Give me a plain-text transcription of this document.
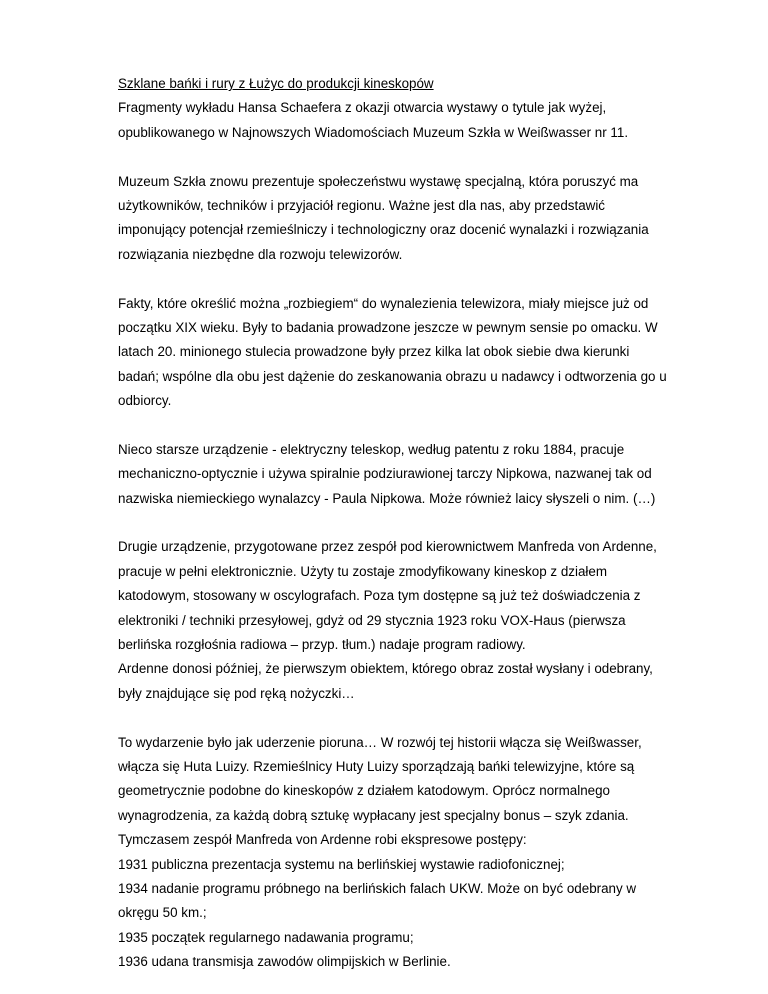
Szklane bańki i rury z Łużyc do produkcji kineskopów
Fragmenty wykładu Hansa Schaefera z okazji otwarcia wystawy o tytule jak wyżej,
opublikowanego w Najnowszych Wiadomościach Muzeum Szkła w Weißwasser nr 11.
Muzeum Szkła znowu prezentuje społeczeństwu wystawę specjalną, która poruszyć ma
użytkowników, techników i przyjaciół regionu. Ważne jest dla nas, aby przedstawić
imponujący potencjał rzemieślniczy i technologiczny oraz docenić wynalazki i rozwiązania
rozwiązania niezbędne dla rozwoju telewizorów.
Fakty, które określić można „rozbiegiem“ do wynalezienia telewizora, miały miejsce już od
początku XIX wieku. Były to badania prowadzone jeszcze w pewnym sensie po omacku. W
latach 20. minionego stulecia prowadzone były przez kilka lat obok siebie dwa kierunki
badań; wspólne dla obu jest dążenie do zeskanowania obrazu u nadawcy i odtworzenia go u
odbiorcy.
Nieco starsze urządzenie - elektryczny teleskop, według patentu z roku 1884, pracuje
mechaniczno-optycznie i używa spiralnie podziurawionej tarczy Nipkowa, nazwanej tak od
nazwiska niemieckiego wynalazcy - Paula Nipkowa. Może również laicy słyszeli o nim. (…)
Drugie urządzenie, przygotowane przez zespół pod kierownictwem Manfreda von Ardenne,
pracuje w pełni elektronicznie. Użyty tu zostaje zmodyfikowany kineskop z działem
katodowym, stosowany w oscylografach. Poza tym dostępne są już też doświadczenia z
elektroniki / techniki przesyłowej, gdyż od 29 stycznia 1923 roku VOX-Haus (pierwsza
berlińska rozgłośnia radiowa – przyp. tłum.) nadaje program radiowy.
Ardenne donosi później, że pierwszym obiektem, którego obraz został wysłany i odebrany,
były znajdujące się pod ręką nożyczki…
To wydarzenie było jak uderzenie pioruna… W rozwój tej historii włącza się Weißwasser,
włącza się Huta Luizy. Rzemieślnicy Huty Luizy sporządzają bańki telewizyjne, które są
geometrycznie podobne do kineskopów z działem katodowym. Oprócz normalnego
wynagrodzenia, za każdą dobrą sztukę wypłacany jest specjalny bonus – szyk zdania.
Tymczasem zespół Manfreda von Ardenne robi ekspresowe postępy:
1931 publiczna prezentacja systemu na berlińskiej wystawie radiofonicznej;
1934 nadanie programu próbnego na berlińskich falach UKW. Może on być odebrany w
okręgu 50 km.;
1935 początek regularnego nadawania programu;
1936 udana transmisja zawodów olimpijskich w Berlinie.
